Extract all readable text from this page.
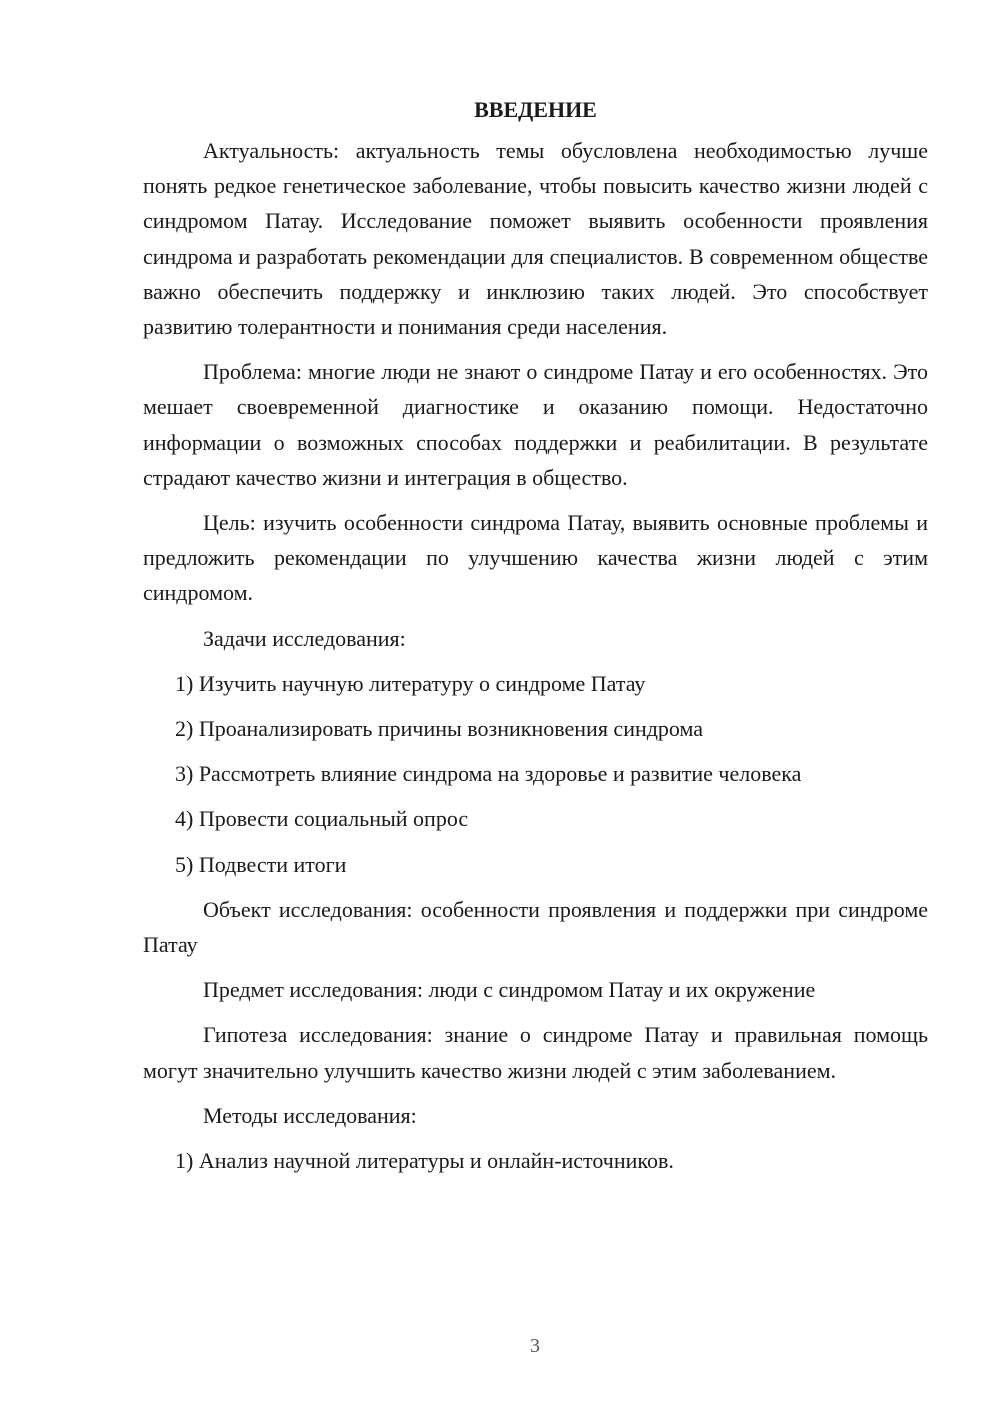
ВВЕДЕНИЕ

Актуальность: актуальность темы обусловлена необходимостью лучше понять редкое генетическое заболевание, чтобы повысить качество жизни людей с синдромом Патау. Исследование поможет выявить особенности проявления синдрома и разработать рекомендации для специалистов. В современном обществе важно обеспечить поддержку и инклюзию таких людей. Это способствует развитию толерантности и понимания среди населения.

Проблема: многие люди не знают о синдроме Патау и его особенностях. Это мешает своевременной диагностике и оказанию помощи. Недостаточно информации о возможных способах поддержки и реабилитации. В результате страдают качество жизни и интеграция в общество.

Цель: изучить особенности синдрома Патау, выявить основные проблемы и предложить рекомендации по улучшению качества жизни людей с этим синдромом.

Задачи исследования:

1) Изучить научную литературу о синдроме Патау

2) Проанализировать причины возникновения синдрома

3) Рассмотреть влияние синдрома на здоровье и развитие человека

4) Провести социальный опрос

5) Подвести итоги

Объект исследования: особенности проявления и поддержки при синдроме Патау

Предмет исследования: люди с синдромом Патау и их окружение

Гипотеза исследования: знание о синдроме Патау и правильная помощь могут значительно улучшить качество жизни людей с этим заболеванием.

Методы исследования:

1) Анализ научной литературы и онлайн-источников.

3
